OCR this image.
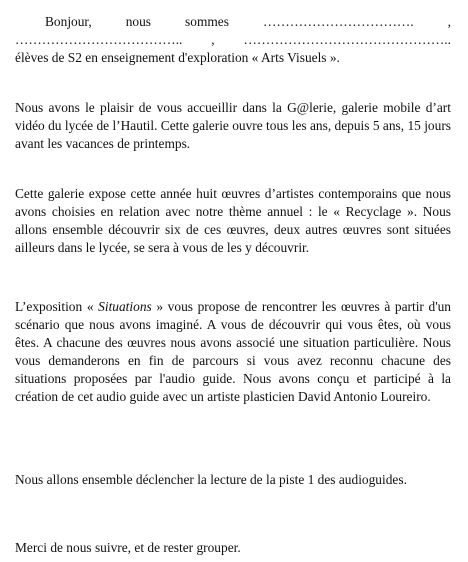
Bonjour,	nous	sommes	…………………………….	,
……………………………….. , ………………………………………..
élèves de S2 en enseignement d'exploration « Arts Visuels ».

Nous avons le plaisir de vous accueillir dans la G@lerie, galerie mobile d’art vidéo du lycée de l’Hautil. Cette galerie ouvre tous les ans, depuis 5 ans, 15 jours avant les vacances de printemps.

Cette galerie expose cette année huit œuvres d’artistes contemporains que nous avons choisies en relation avec notre thème annuel : le « Recyclage ». Nous allons ensemble découvrir six de ces œuvres, deux autres œuvres sont situées ailleurs dans le lycée, se sera à vous de les y découvrir.

L’exposition « Situations » vous propose de rencontrer les œuvres à partir d'un scénario que nous avons imaginé. A vous de découvrir qui vous êtes, où vous êtes. A chacune des œuvres nous avons associé une situation particulière. Nous vous demanderons en fin de parcours si vous avez reconnu chacune des situations proposées par l'audio guide. Nous avons conçu et participé à la création de cet audio guide avec un artiste plasticien David Antonio Loureiro.

Nous allons ensemble déclencher la lecture de la piste 1 des audioguides.

Merci de nous suivre, et de rester grouper.
